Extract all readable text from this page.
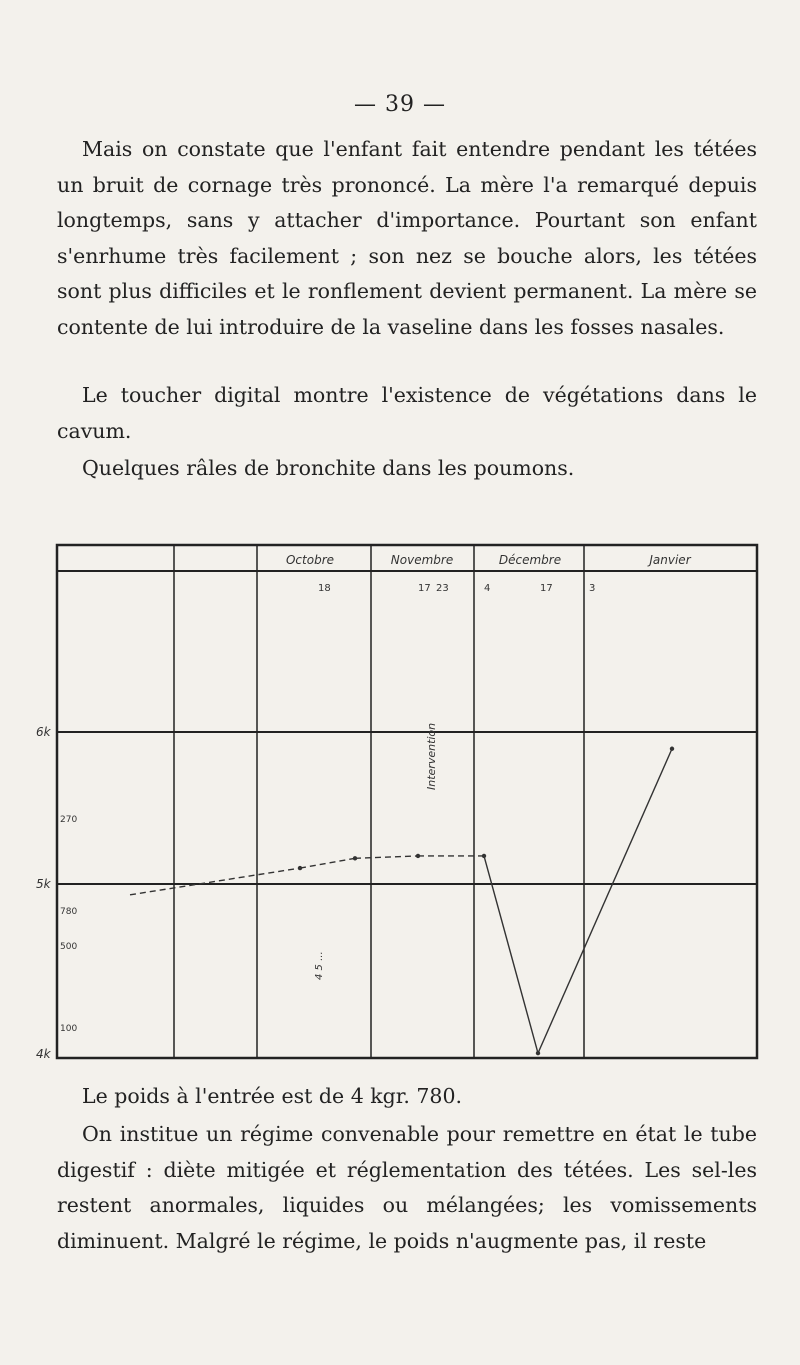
— 39 —

Mais on constate que l'enfant fait entendre pendant les tétées un bruit de cornage très prononcé. La mère l'a remarqué depuis longtemps, sans y attacher d'importance. Pourtant son enfant s'enrhume très facilement ; son nez se bouche alors, les tétées sont plus difficiles et le ronflement devient permanent. La mère se contente de lui introduire de la vaseline dans les fosses nasales.

Le toucher digital montre l'existence de végétations dans le cavum.

Quelques râles de bronchite dans les poumons.

Octobre	Novembre	Décembre	Janvier
18	17 23	4	17	3
6k
5k
4k
270
780
500
100
Intervention
4 5 ...

Le poids à l'entrée est de 4 kgr. 780.

On institue un régime convenable pour remettre en état le tube digestif : diète mitigée et réglementation des tétées. Les sel-les restent anormales, liquides ou mélangées; les vomissements diminuent. Malgré le régime, le poids n'augmente pas, il reste
